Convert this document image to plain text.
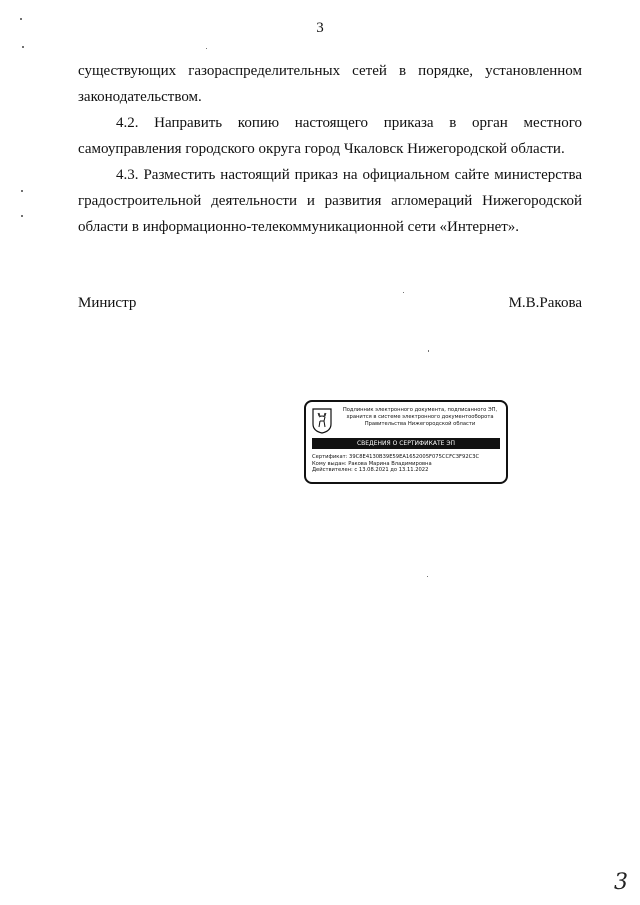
3

существующих газораспределительных сетей в порядке, установленном законодательством.

4.2. Направить копию настоящего приказа в орган местного самоуправления городского округа город Чкаловск Нижегородской области.

4.3. Разместить настоящий приказ на официальном сайте министерства градостроительной деятельности и развития агломераций Нижегородской области в информационно-телекоммуникационной сети «Интернет».

Министр	М.В.Ракова
Подлинник электронного документа, подписанного ЭП, хранится в системе электронного документооборота Правительства Нижегородской области
СВЕДЕНИЯ О СЕРТИФИКАТЕ ЭП
Сертификат: 39C8E4130B39E59EA1652005F075CCFC3F92C3C
Кому выдан: Ракова Марина Владимировна
Действителен: с 13.08.2021 до 13.11.2022
3
